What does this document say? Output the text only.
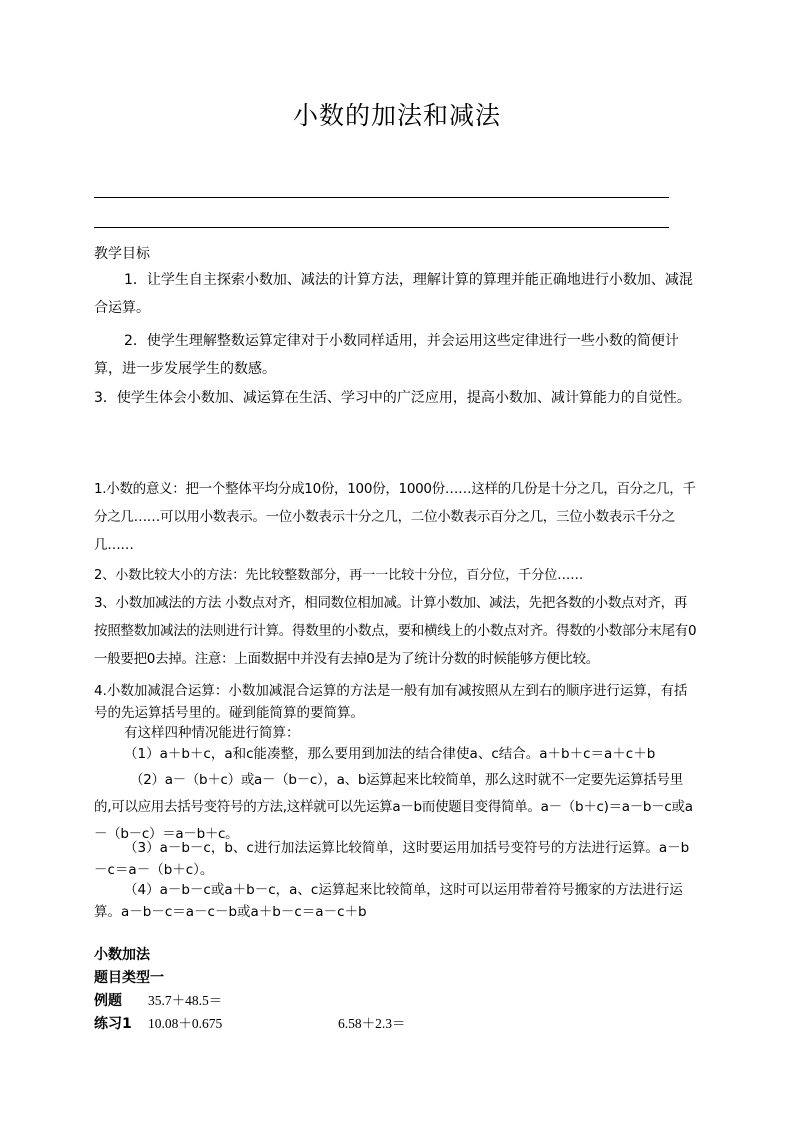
小数的加法和减法
教学目标

1．让学生自主探索小数加、减法的计算方法，理解计算的算理并能正确地进行小数加、减混合运算。

2．使学生理解整数运算定律对于小数同样适用，并会运用这些定律进行一些小数的简便计算，进一步发展学生的数感。

3．使学生体会小数加、减运算在生活、学习中的广泛应用，提高小数加、减计算能力的自觉性。

1.小数的意义：把一个整体平均分成10份，100份，1000份……这样的几份是十分之几，百分之几，千分之几……可以用小数表示。一位小数表示十分之几，二位小数表示百分之几，三位小数表示千分之几……

2、小数比较大小的方法：先比较整数部分，再一一比较十分位，百分位，千分位……

3、小数加减法的方法 小数点对齐，相同数位相加减。计算小数加、减法，先把各数的小数点对齐，再按照整数加减法的法则进行计算。得数里的小数点，要和横线上的小数点对齐。得数的小数部分末尾有0一般要把0去掉。注意：上面数据中并没有去掉0是为了统计分数的时候能够方便比较。

4.小数加减混合运算：小数加减混合运算的方法是一般有加有减按照从左到右的顺序进行运算，有括号的先运算括号里的。碰到能简算的要简算。

有这样四种情况能进行简算：

（1）a＋b＋c，a和c能凑整，那么要用到加法的结合律使a、c结合。a＋b＋c＝a＋c＋b

（2）a－（b＋c）或a－（b－c），a、b运算起来比较简单，那么这时就不一定要先运算括号里的,可以应用去括号变符号的方法,这样就可以先运算a－b而使题目变得简单。a－（b＋c)＝a－b－c或a－（b－c）＝a－b＋c。

（3）a－b－c，b、c进行加法运算比较简单，这时要运用加括号变符号的方法进行运算。a－b－c＝a－（b＋c）。

（4）a－b－c或a＋b－c，a、c运算起来比较简单，这时可以运用带着符号搬家的方法进行运算。a－b－c＝a－c－b或a＋b－c＝a－c＋b

小数加法
题目类型一
例题 35.7＋48.5＝
练习1 10.08＋0.675	6.58＋2.3＝
